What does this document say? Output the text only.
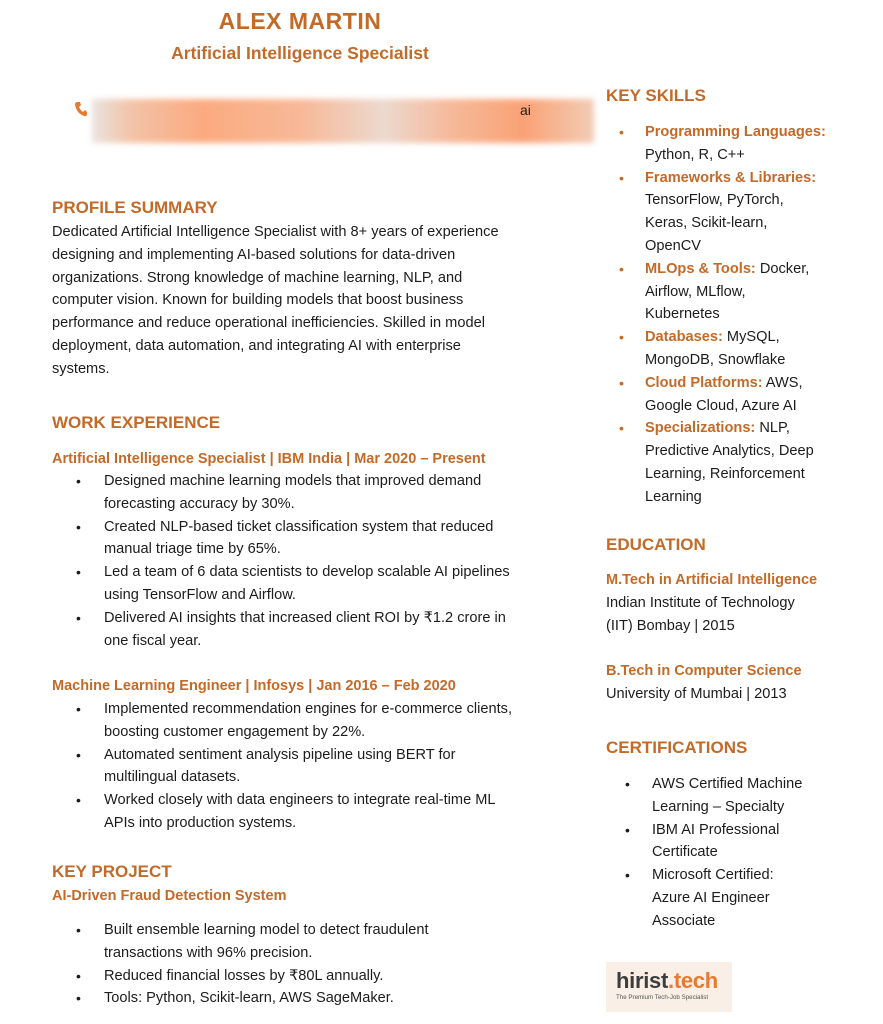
ALEX MARTIN
Artificial Intelligence Specialist
ai
PROFILE SUMMARY
Dedicated Artificial Intelligence Specialist with 8+ years of experience
designing and implementing AI-based solutions for data-driven
organizations. Strong knowledge of machine learning, NLP, and
computer vision. Known for building models that boost business
performance and reduce operational inefficiencies. Skilled in model
deployment, data automation, and integrating AI with enterprise
systems.
WORK EXPERIENCE
Artificial Intelligence Specialist | IBM India | Mar 2020 – Present
• Designed machine learning models that improved demand
forecasting accuracy by 30%.
• Created NLP-based ticket classification system that reduced
manual triage time by 65%.
• Led a team of 6 data scientists to develop scalable AI pipelines
using TensorFlow and Airflow.
• Delivered AI insights that increased client ROI by ₹1.2 crore in
one fiscal year.
Machine Learning Engineer | Infosys | Jan 2016 – Feb 2020
• Implemented recommendation engines for e-commerce clients,
boosting customer engagement by 22%.
• Automated sentiment analysis pipeline using BERT for
multilingual datasets.
• Worked closely with data engineers to integrate real-time ML
APIs into production systems.
KEY PROJECT
AI-Driven Fraud Detection System
• Built ensemble learning model to detect fraudulent
transactions with 96% precision.
• Reduced financial losses by ₹80L annually.
• Tools: Python, Scikit-learn, AWS SageMaker.
KEY SKILLS
• Programming Languages:
Python, R, C++
• Frameworks & Libraries:
TensorFlow, PyTorch,
Keras, Scikit-learn,
OpenCV
• MLOps & Tools: Docker,
Airflow, MLflow,
Kubernetes
• Databases: MySQL,
MongoDB, Snowflake
• Cloud Platforms: AWS,
Google Cloud, Azure AI
• Specializations: NLP,
Predictive Analytics, Deep
Learning, Reinforcement
Learning
EDUCATION
M.Tech in Artificial Intelligence
Indian Institute of Technology
(IIT) Bombay | 2015
B.Tech in Computer Science
University of Mumbai | 2013
CERTIFICATIONS
• AWS Certified Machine
Learning – Specialty
• IBM AI Professional
Certificate
• Microsoft Certified:
Azure AI Engineer
Associate
hirist.tech
The Premium Tech-Job Specialist
